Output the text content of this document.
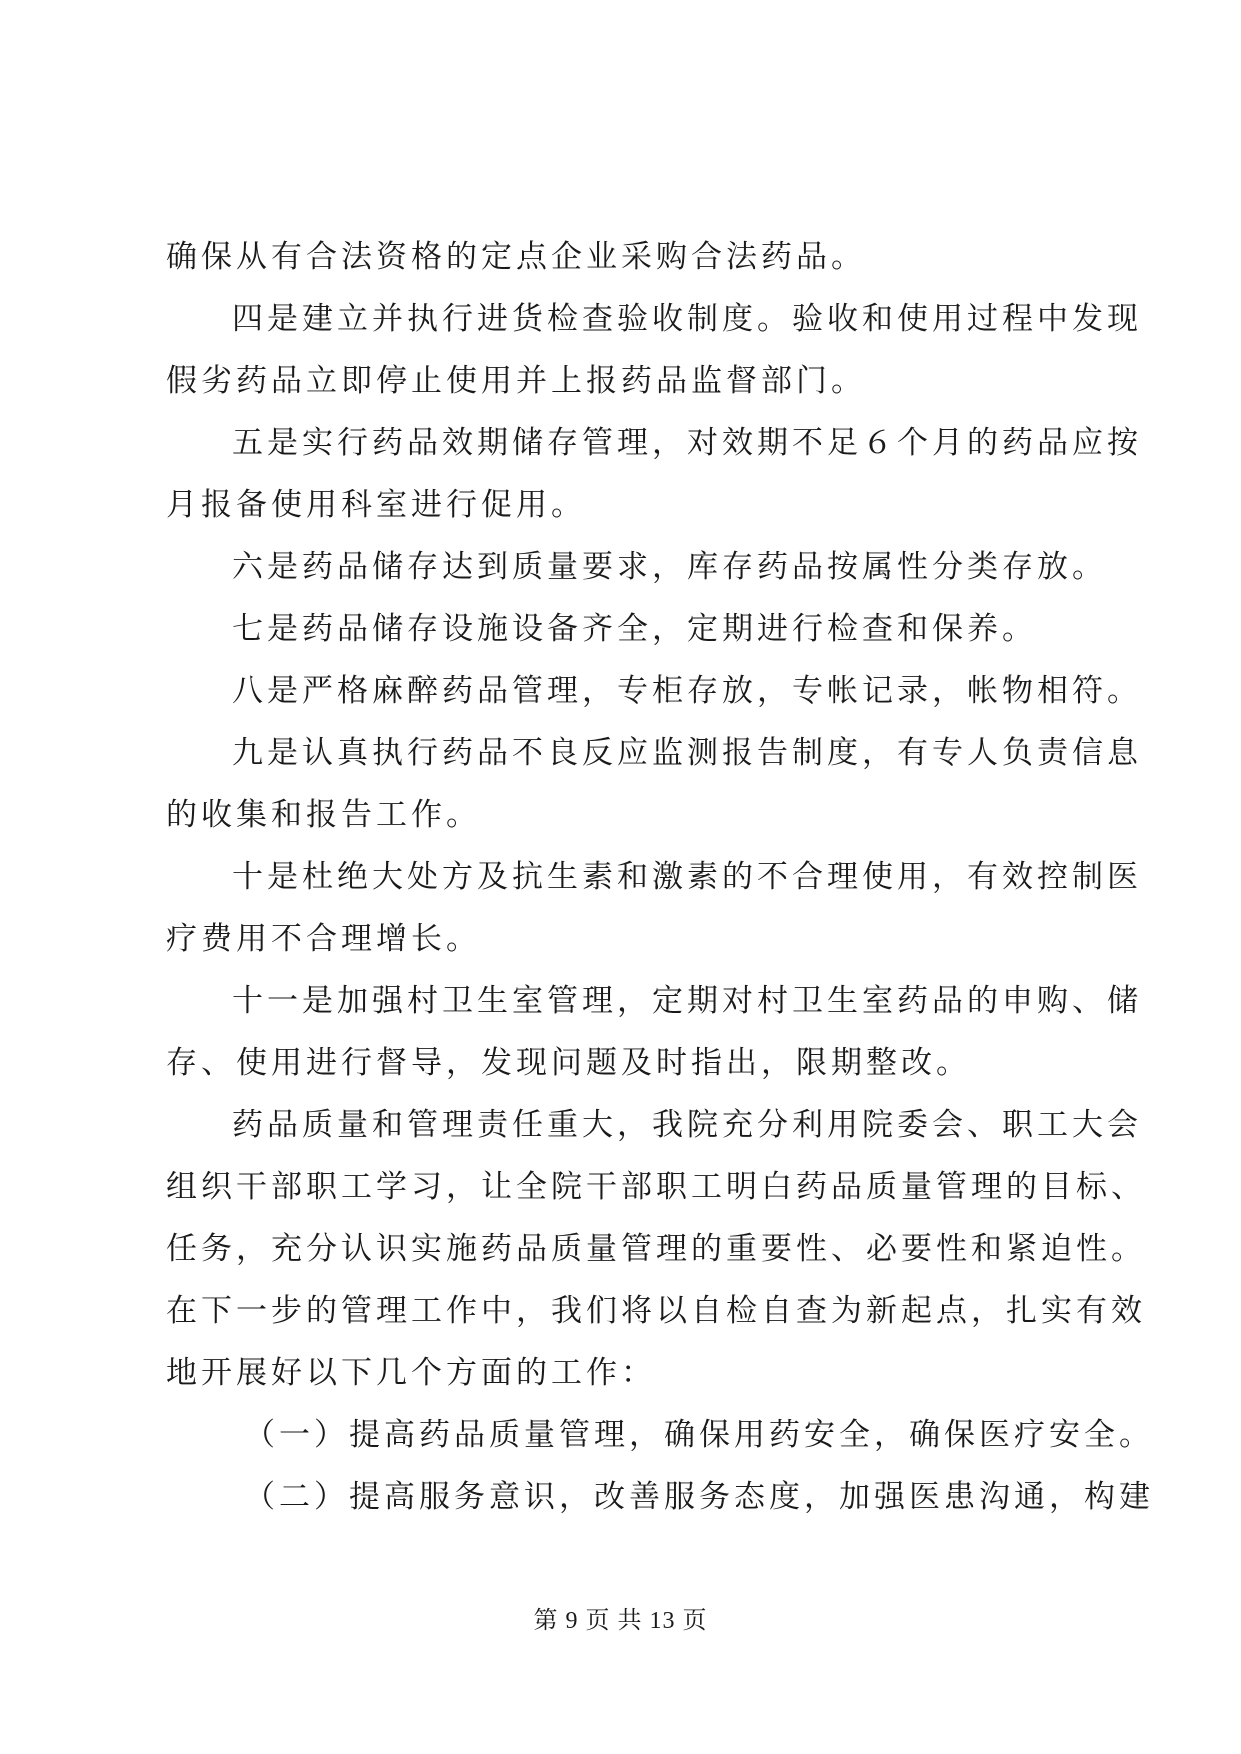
确保从有合法资格的定点企业采购合法药品。
四是建立并执行进货检查验收制度。验收和使用过程中发现
假劣药品立即停止使用并上报药品监督部门。
五是实行药品效期储存管理，对效期不足６个月的药品应按
月报备使用科室进行促用。
六是药品储存达到质量要求，库存药品按属性分类存放。
七是药品储存设施设备齐全，定期进行检查和保养。
八是严格麻醉药品管理，专柜存放，专帐记录，帐物相符。
九是认真执行药品不良反应监测报告制度，有专人负责信息
的收集和报告工作。
十是杜绝大处方及抗生素和激素的不合理使用，有效控制医
疗费用不合理增长。
十一是加强村卫生室管理，定期对村卫生室药品的申购、储
存、使用进行督导，发现问题及时指出，限期整改。
药品质量和管理责任重大，我院充分利用院委会、职工大会
组织干部职工学习，让全院干部职工明白药品质量管理的目标、
任务，充分认识实施药品质量管理的重要性、必要性和紧迫性。
在下一步的管理工作中，我们将以自检自查为新起点，扎实有效
地开展好以下几个方面的工作：
（一）提高药品质量管理，确保用药安全，确保医疗安全。
（二）提高服务意识，改善服务态度，加强医患沟通，构建
第 9 页 共 13 页
